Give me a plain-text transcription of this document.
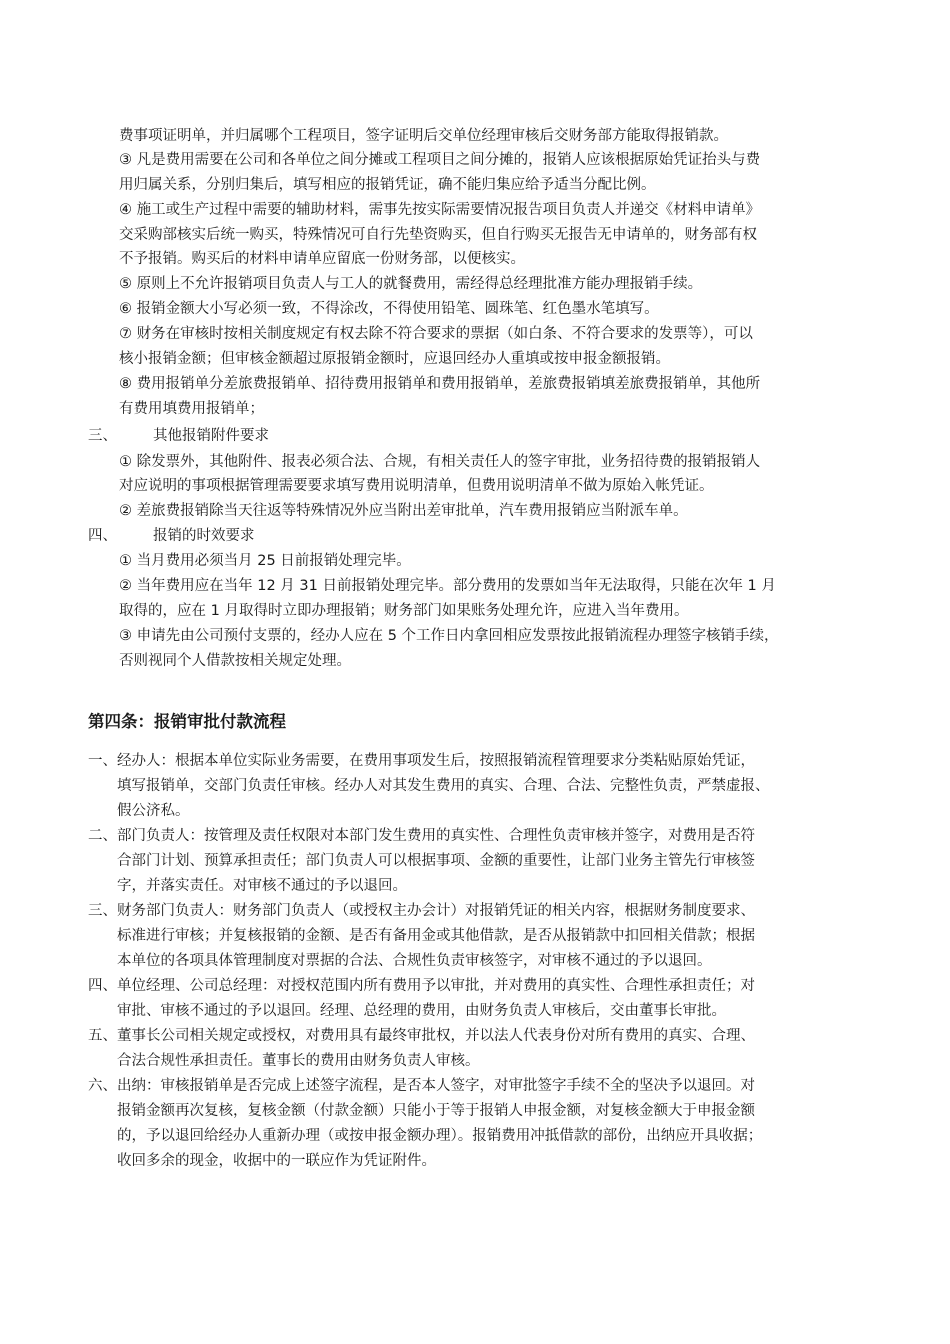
费事项证明单，并归属哪个工程项目，签字证明后交单位经理审核后交财务部方能取得报销款。
③ 凡是费用需要在公司和各单位之间分摊或工程项目之间分摊的，报销人应该根据原始凭证抬头与费
用归属关系，分别归集后，填写相应的报销凭证，确不能归集应给予适当分配比例。
④ 施工或生产过程中需要的辅助材料，需事先按实际需要情况报告项目负责人并递交《材料申请单》
交采购部核实后统一购买，特殊情况可自行先垫资购买，但自行购买无报告无申请单的，财务部有权
不予报销。购买后的材料申请单应留底一份财务部，以便核实。
⑤ 原则上不允许报销项目负责人与工人的就餐费用，需经得总经理批准方能办理报销手续。
⑥ 报销金额大小写必须一致，不得涂改，不得使用铅笔、圆珠笔、红色墨水笔填写。
⑦ 财务在审核时按相关制度规定有权去除不符合要求的票据（如白条、不符合要求的发票等），可以
核小报销金额；但审核金额超过原报销金额时，应退回经办人重填或按申报金额报销。
⑧ 费用报销单分差旅费报销单、招待费用报销单和费用报销单，差旅费报销填差旅费报销单，其他所
有费用填费用报销单；
三、 其他报销附件要求
① 除发票外，其他附件、报表必须合法、合规，有相关责任人的签字审批，业务招待费的报销报销人
对应说明的事项根据管理需要要求填写费用说明清单，但费用说明清单不做为原始入帐凭证。
② 差旅费报销除当天往返等特殊情况外应当附出差审批单，汽车费用报销应当附派车单。
四、 报销的时效要求
① 当月费用必须当月 25 日前报销处理完毕。
② 当年费用应在当年 12 月 31 日前报销处理完毕。部分费用的发票如当年无法取得，只能在次年 1 月
取得的，应在 1 月取得时立即办理报销；财务部门如果账务处理允许，应进入当年费用。
③ 申请先由公司预付支票的，经办人应在 5 个工作日内拿回相应发票按此报销流程办理签字核销手续，
否则视同个人借款按相关规定处理。
第四条：报销审批付款流程
一、经办人：根据本单位实际业务需要，在费用事项发生后，按照报销流程管理要求分类粘贴原始凭证，
填写报销单，交部门负责任审核。经办人对其发生费用的真实、合理、合法、完整性负责，严禁虚报、
假公济私。
二、部门负责人：按管理及责任权限对本部门发生费用的真实性、合理性负责审核并签字，对费用是否符
合部门计划、预算承担责任；部门负责人可以根据事项、金额的重要性，让部门业务主管先行审核签
字，并落实责任。对审核不通过的予以退回。
三、财务部门负责人：财务部门负责人（或授权主办会计）对报销凭证的相关内容，根据财务制度要求、
标准进行审核；并复核报销的金额、是否有备用金或其他借款，是否从报销款中扣回相关借款；根据
本单位的各项具体管理制度对票据的合法、合规性负责审核签字，对审核不通过的予以退回。
四、单位经理、公司总经理：对授权范围内所有费用予以审批，并对费用的真实性、合理性承担责任；对
审批、审核不通过的予以退回。经理、总经理的费用，由财务负责人审核后，交由董事长审批。
五、董事长公司相关规定或授权，对费用具有最终审批权，并以法人代表身份对所有费用的真实、合理、
合法合规性承担责任。董事长的费用由财务负责人审核。
六、出纳：审核报销单是否完成上述签字流程，是否本人签字，对审批签字手续不全的坚决予以退回。对
报销金额再次复核，复核金额（付款金额）只能小于等于报销人申报金额，对复核金额大于申报金额
的，予以退回给经办人重新办理（或按申报金额办理）。报销费用冲抵借款的部份，出纳应开具收据；
收回多余的现金，收据中的一联应作为凭证附件。
